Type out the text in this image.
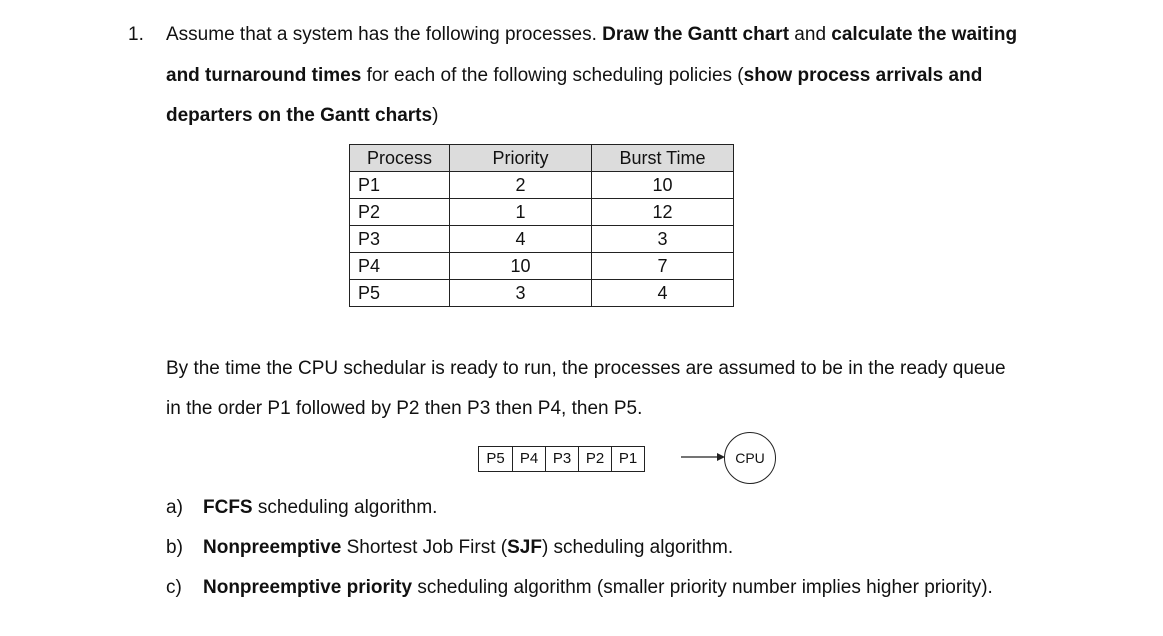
1. Assume that a system has the following processes. Draw the Gantt chart and calculate the waiting
and turnaround times for each of the following scheduling policies (show process arrivals and
departers on the Gantt charts)
Process	Priority	Burst Time
P1	2	10
P2	1	12
P3	4	3
P4	10	7
P5	3	4
By the time the CPU schedular is ready to run, the processes are assumed to be in the ready queue
in the order P1 followed by P2 then P3 then P4, then P5.
P5	P4 P3 P2 P1	CPU
a) FCFS scheduling algorithm.
b) Nonpreemptive Shortest Job First (SJF) scheduling algorithm.
c) Nonpreemptive priority scheduling algorithm (smaller priority number implies higher priority).
